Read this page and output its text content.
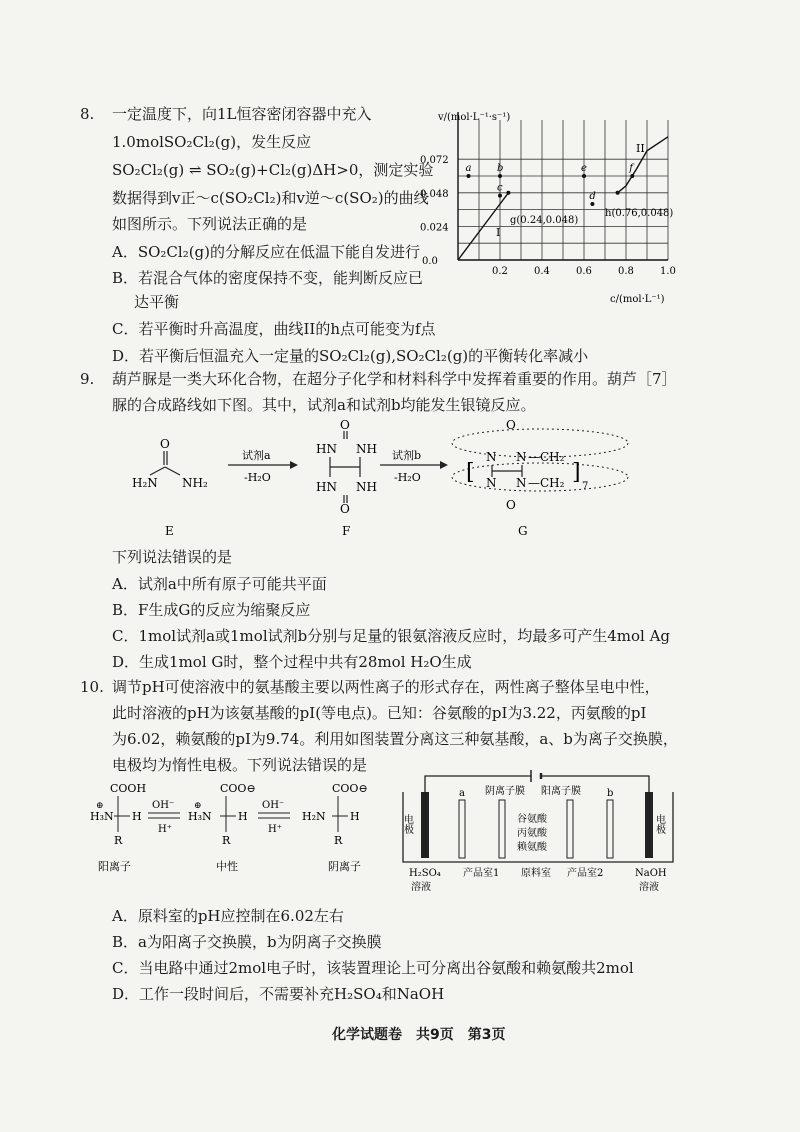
8. 一定温度下，向1L恒容密闭容器中充入
1.0molSO₂Cl₂(g)，发生反应
SO₂Cl₂(g) ⇌ SO₂(g)+Cl₂(g)ΔH>0，测定实验
数据得到v正～c(SO₂Cl₂)和v逆～c(SO₂)的曲线
如图所示。下列说法正确的是
A．SO₂Cl₂(g)的分解反应在低温下能自发进行
B．若混合气体的密度保持不变，能判断反应已
达平衡
C．若平衡时升高温度，曲线II的h点可能变为f点
D．若平衡后恒温充入一定量的SO₂Cl₂(g),SO₂Cl₂(g)的平衡转化率减小
0.2	0.4	0.6	0.8	1.0
0.024
0.048
0.072
a	b
c
d
e	f
v/(mol·L⁻¹·s⁻¹)
c/(mol·L⁻¹)
0.0
g(0.24,0.048)
h(0.76,0.048)
I
II
9. 葫芦脲是一类大环化合物，在超分子化学和材料科学中发挥着重要的作用。葫芦［7］
脲的合成路线如下图。其中，试剂a和试剂b均能发生银镜反应。
O
H₂N NH₂
E
试剂a
-H₂O
O
HN NH
HN NH
O
F
试剂b
-H₂O
O
N N —CH₂
N N —CH₂
O
[	]
7
G
下列说法错误的是
A．试剂a中所有原子可能共平面
B．F生成G的反应为缩聚反应
C．1mol试剂a或1mol试剂b分别与足量的银氨溶液反应时，均最多可产生4mol Ag
D．生成1mol G时，整个过程中共有28mol H₂O生成
10. 调节pH可使溶液中的氨基酸主要以两性离子的形式存在，两性离子整体呈电中性，
此时溶液的pH为该氨基酸的pI(等电点)。已知：谷氨酸的pI为3.22，丙氨酸的pI
为6.02，赖氨酸的pI为9.74。利用如图装置分离这三种氨基酸，a、b为离子交换膜，
电极均为惰性电极。下列说法错误的是
COOH
H₃N
⊕
H
R
阳离子
OH⁻
H⁺
COO⊖
H₃N
⊕
H
R
中性
OH⁻
H⁺
COO⊖
H₂N H
R
阴离子
电极	电极
a	b
阴离子膜 阳离子膜
谷氨酸
丙氨酸
赖氨酸
H₂SO₄
溶液
产品室1 原料室 产品室2	NaOH
溶液
A．原料室的pH应控制在6.02左右
B．a为阳离子交换膜，b为阴离子交换膜
C．当电路中通过2mol电子时，该装置理论上可分离出谷氨酸和赖氨酸共2mol
D．工作一段时间后，不需要补充H₂SO₄和NaOH
化学试题卷　共9页　第3页
